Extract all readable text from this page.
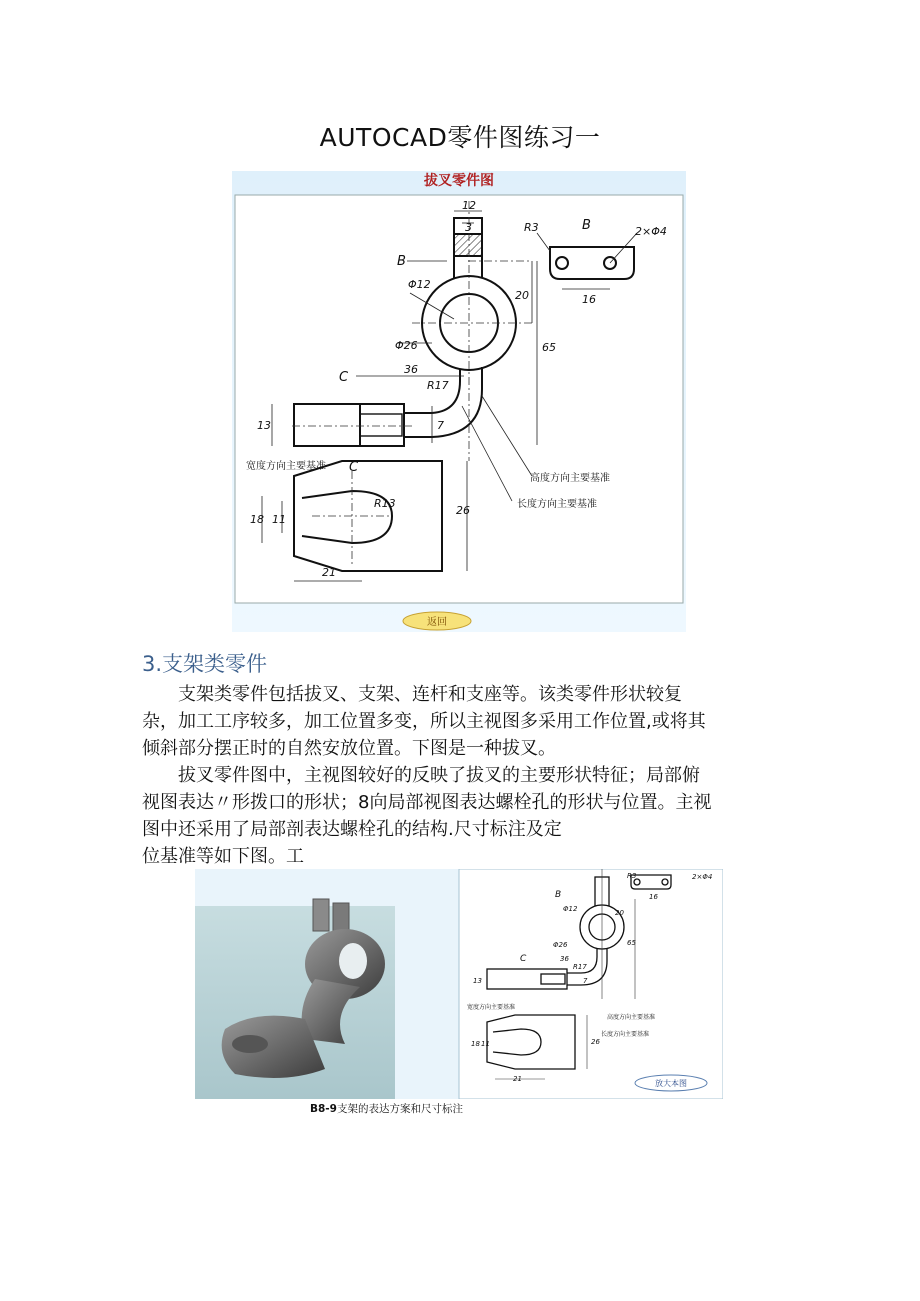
AUTOCAD零件图练习一
拔叉零件图
12
3
B
R3	B	2×Φ4
16
Φ12
20
65
Φ26
C
36
R17
13	7
C
R13
18 11
26
21
宽度方向主要基准
高度方向主要基准
长度方向主要基准
返回
3.支架类零件

支架类零件包括拔叉、支架、连杆和支座等。该类零件形状较复
杂，加工工序较多，加工位置多变，所以主视图多采用工作位置,或将其
倾斜部分摆正时的自然安放位置。下图是一种拔叉。

拔叉零件图中，主视图较好的反映了拔叉的主要形状特征；局部俯
视图表达〃形拨口的形状；8向局部视图表达螺栓孔的形状与位置。主视
图中还采用了局部剖表达螺栓孔的结构.尺寸标注及定
位基准等如下图。工

R3
B
2×Φ4
16
Φ12	20
65
Φ26
C	36
R17
13	7
18 11	26
21
宽度方向主要基准
高度方向主要基准
长度方向主要基准
放大本图
B8-9支架的表达方案和尺寸标注
